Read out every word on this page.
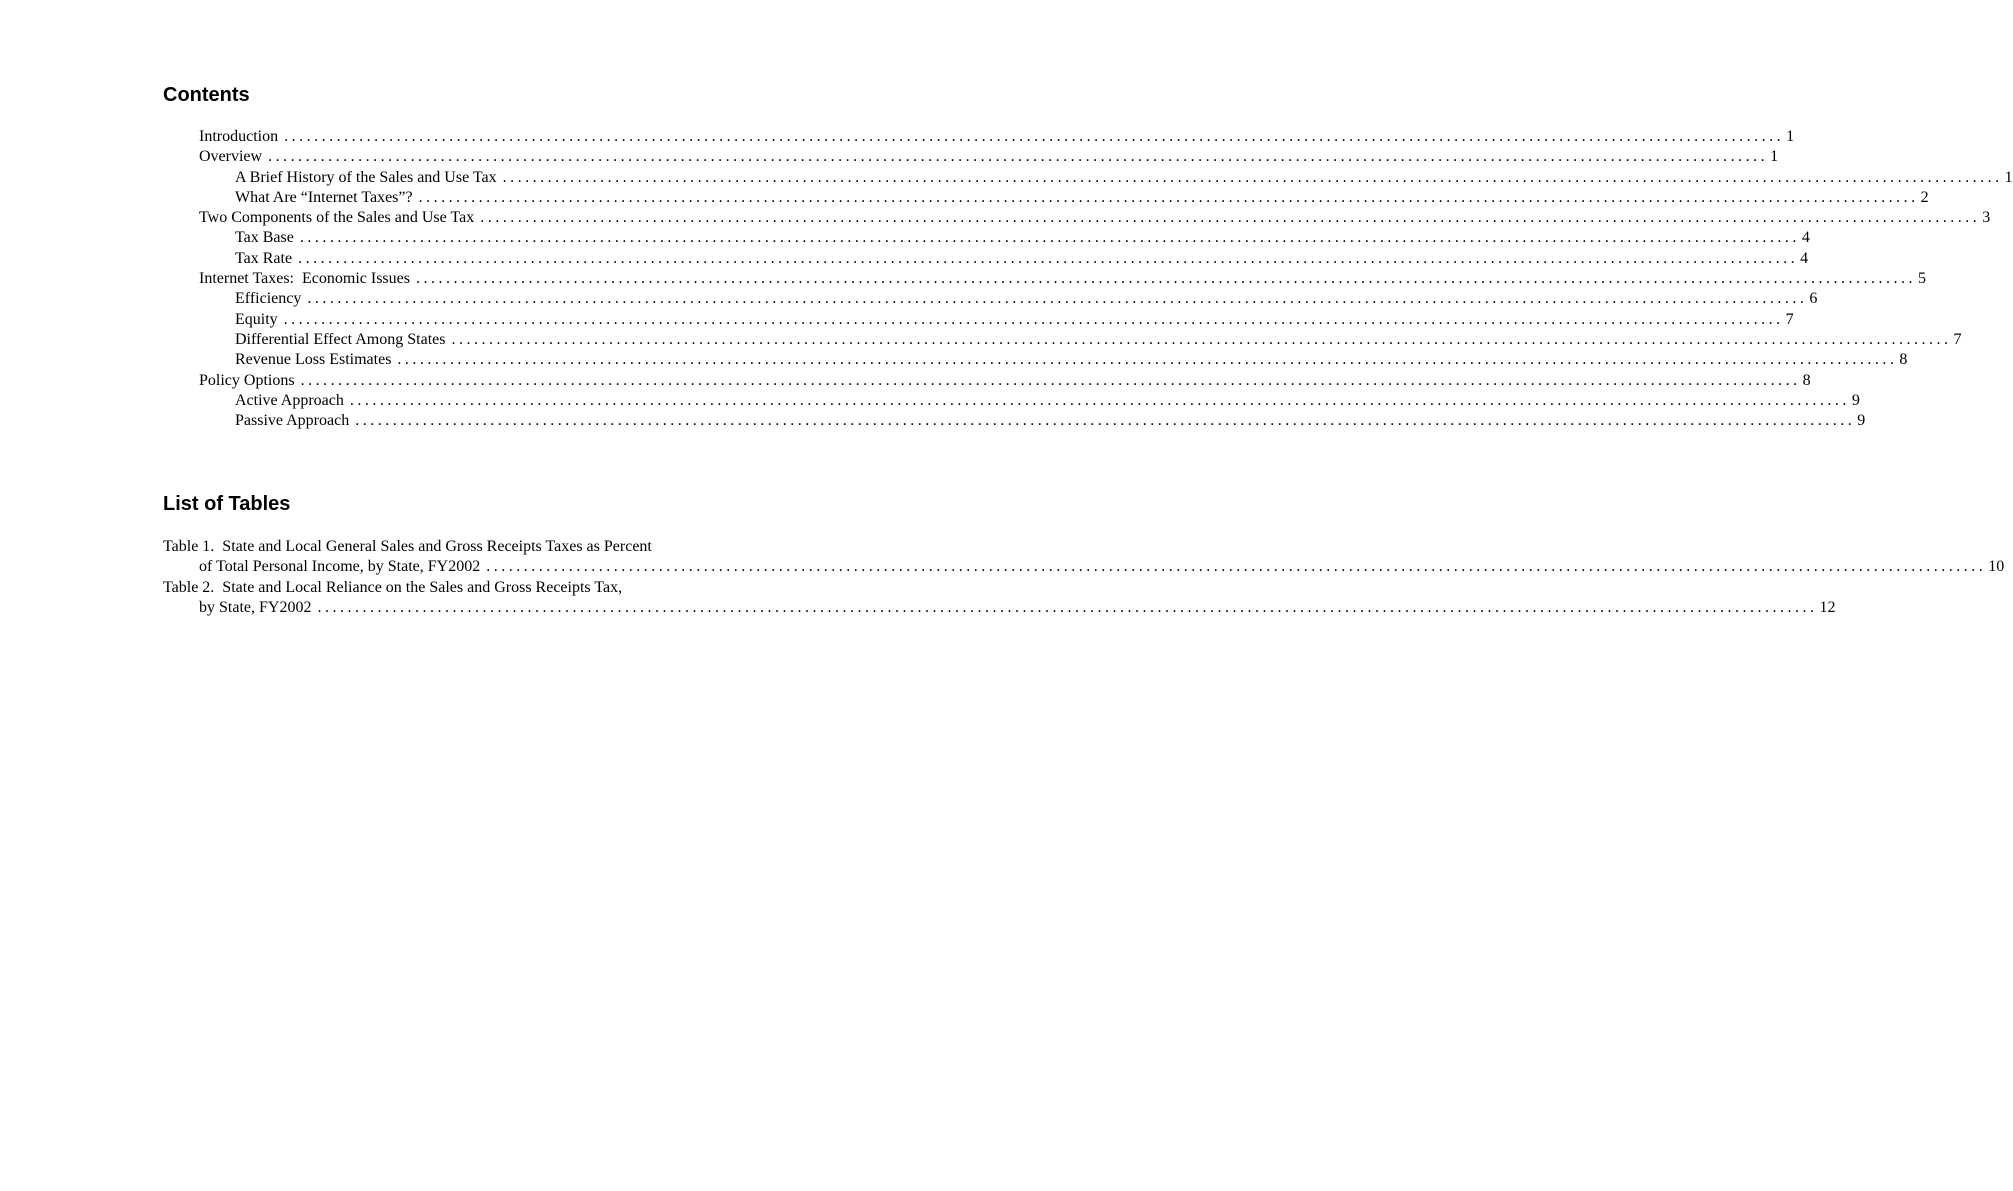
Contents
Introduction ........................................................................................................................................................................................................ 1
Overview ........................................................................................................................................................................................................ 1
A Brief History of the Sales and Use Tax ........................................................................................................................................................................................................ 1
What Are “Internet Taxes”? ........................................................................................................................................................................................................ 2
Two Components of the Sales and Use Tax ........................................................................................................................................................................................................ 3
Tax Base ........................................................................................................................................................................................................ 4
Tax Rate ........................................................................................................................................................................................................ 4
Internet Taxes:  Economic Issues ........................................................................................................................................................................................................ 5
Efficiency ........................................................................................................................................................................................................ 6
Equity ........................................................................................................................................................................................................ 7
Differential Effect Among States ........................................................................................................................................................................................................ 7
Revenue Loss Estimates ........................................................................................................................................................................................................ 8
Policy Options ........................................................................................................................................................................................................ 8
Active Approach ........................................................................................................................................................................................................ 9
Passive Approach ........................................................................................................................................................................................................ 9
List of Tables
Table 1.  State and Local General Sales and Gross Receipts Taxes as Percent
of Total Personal Income, by State, FY2002 ........................................................................................................................................................................................................ 10
Table 2.  State and Local Reliance on the Sales and Gross Receipts Tax,
by State, FY2002 ........................................................................................................................................................................................................ 12
